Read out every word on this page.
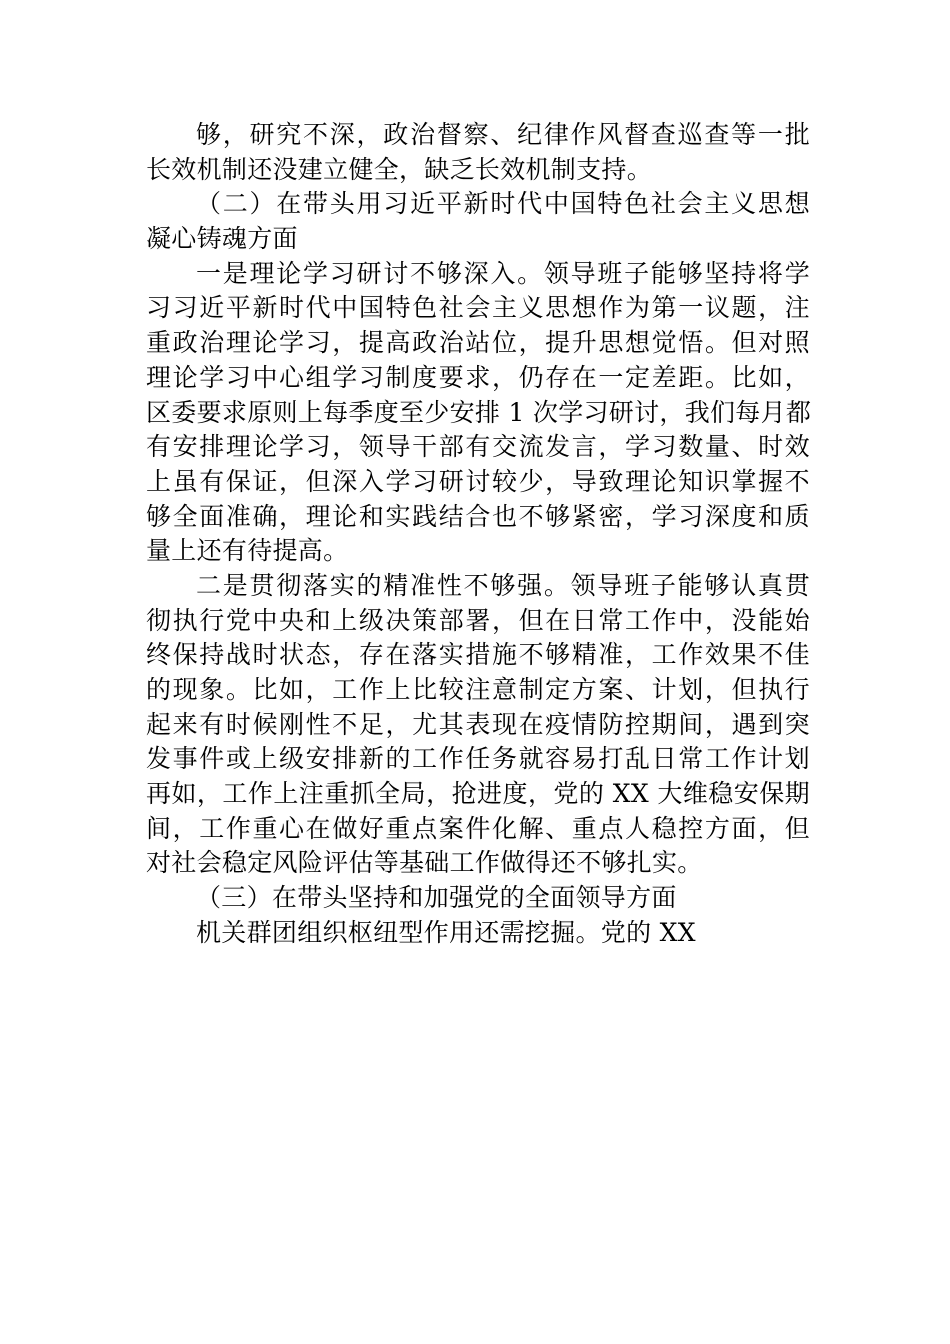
够，研究不深，政治督察、纪律作风督查巡查等一批
长效机制还没建立健全，缺乏长效机制支持。
（二）在带头用习近平新时代中国特色社会主义思想
凝心铸魂方面
一是理论学习研讨不够深入。领导班子能够坚持将学
习习近平新时代中国特色社会主义思想作为第一议题，注
重政治理论学习，提高政治站位，提升思想觉悟。但对照
理论学习中心组学习制度要求，仍存在一定差距。比如，
区委要求原则上每季度至少安排 1 次学习研讨，我们每月都
有安排理论学习，领导干部有交流发言，学习数量、时效
上虽有保证，但深入学习研讨较少，导致理论知识掌握不
够全面准确，理论和实践结合也不够紧密，学习深度和质
量上还有待提高。
二是贯彻落实的精准性不够强。领导班子能够认真贯
彻执行党中央和上级决策部署，但在日常工作中，没能始
终保持战时状态，存在落实措施不够精准，工作效果不佳
的现象。比如，工作上比较注意制定方案、计划，但执行
起来有时候刚性不足，尤其表现在疫情防控期间，遇到突
发事件或上级安排新的工作任务就容易打乱日常工作计划
再如，工作上注重抓全局，抢进度，党的 XX 大维稳安保期
间，工作重心在做好重点案件化解、重点人稳控方面，但
对社会稳定风险评估等基础工作做得还不够扎实。
（三）在带头坚持和加强党的全面领导方面
机关群团组织枢纽型作用还需挖掘。党的 XX
